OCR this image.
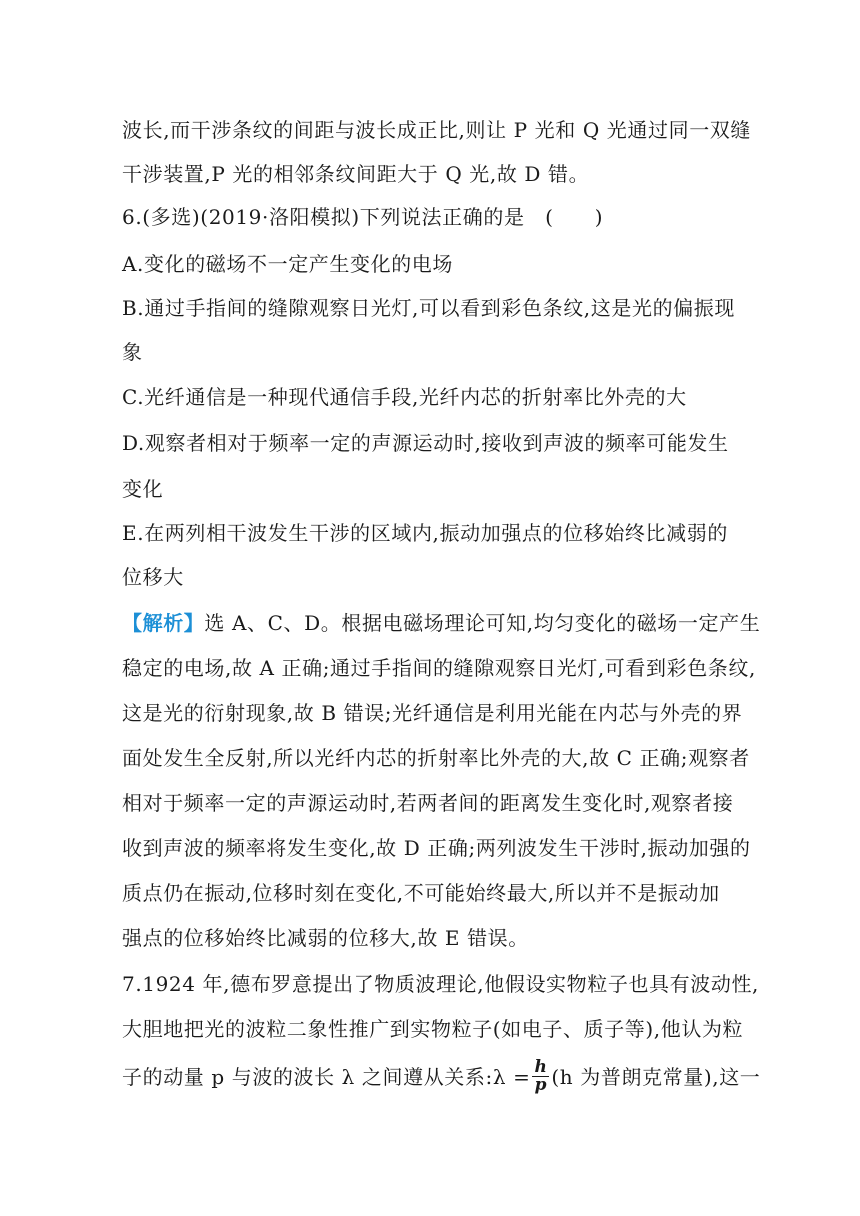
波长,而干涉条纹的间距与波长成正比,则让 P 光和 Q 光通过同一双缝
干涉装置,P 光的相邻条纹间距大于 Q 光,故 D 错。
6.(多选)(2019·洛阳模拟)下列说法正确的是　(　　)
A.变化的磁场不一定产生变化的电场
B.通过手指间的缝隙观察日光灯,可以看到彩色条纹,这是光的偏振现
象
C.光纤通信是一种现代通信手段,光纤内芯的折射率比外壳的大
D.观察者相对于频率一定的声源运动时,接收到声波的频率可能发生
变化
E.在两列相干波发生干涉的区域内,振动加强点的位移始终比减弱的
位移大
【解析】选 A、C、D。根据电磁场理论可知,均匀变化的磁场一定产生
稳定的电场,故 A 正确;通过手指间的缝隙观察日光灯,可看到彩色条纹,
这是光的衍射现象,故 B 错误;光纤通信是利用光能在内芯与外壳的界
面处发生全反射,所以光纤内芯的折射率比外壳的大,故 C 正确;观察者
相对于频率一定的声源运动时,若两者间的距离发生变化时,观察者接
收到声波的频率将发生变化,故 D 正确;两列波发生干涉时,振动加强的
质点仍在振动,位移时刻在变化,不可能始终最大,所以并不是振动加
强点的位移始终比减弱的位移大,故 E 错误。
7.1924 年,德布罗意提出了物质波理论,他假设实物粒子也具有波动性,
大胆地把光的波粒二象性推广到实物粒子(如电子、质子等),他认为粒
子的动量 p 与波的波长 λ 之间遵从关系:λ = $\frac{h}{p} (h$ 为普朗克常量),这一
